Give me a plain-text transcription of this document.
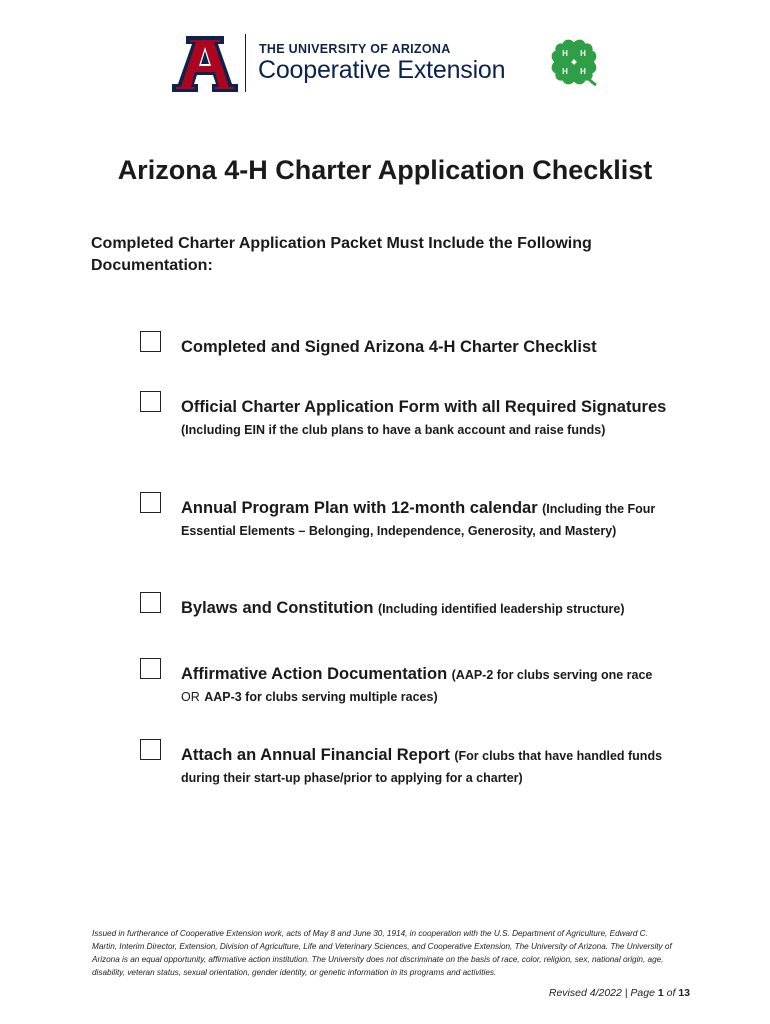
®
THE UNIVERSITY OF ARIZONA
Cooperative Extension
H H
H H
Arizona 4-H Charter Application Checklist

Completed Charter Application Packet Must Include the Following Documentation:

Completed and Signed Arizona 4-H Charter Checklist
Official Charter Application Form with all Required Signatures (Including EIN if the club plans to have a bank account and raise funds)
Annual Program Plan with 12-month calendar (Including the Four Essential Elements – Belonging, Independence, Generosity, and Mastery)
Bylaws and Constitution (Including identified leadership structure)
Affirmative Action Documentation (AAP-2 for clubs serving one race OR AAP-3 for clubs serving multiple races)
Attach an Annual Financial Report (For clubs that have handled funds during their start-up phase/prior to applying for a charter)

Issued in furtherance of Cooperative Extension work, acts of May 8 and June 30, 1914, in cooperation with the U.S. Department of Agriculture, Edward C. Martin, Interim Director, Extension, Division of Agriculture, Life and Veterinary Sciences, and Cooperative Extension, The University of Arizona. The University of Arizona is an equal opportunity, affirmative action institution. The University does not discriminate on the basis of race, color, religion, sex, national origin, age, disability, veteran status, sexual orientation, gender identity, or genetic information in its programs and activities.

Revised 4/2022 | Page 1 of 13
